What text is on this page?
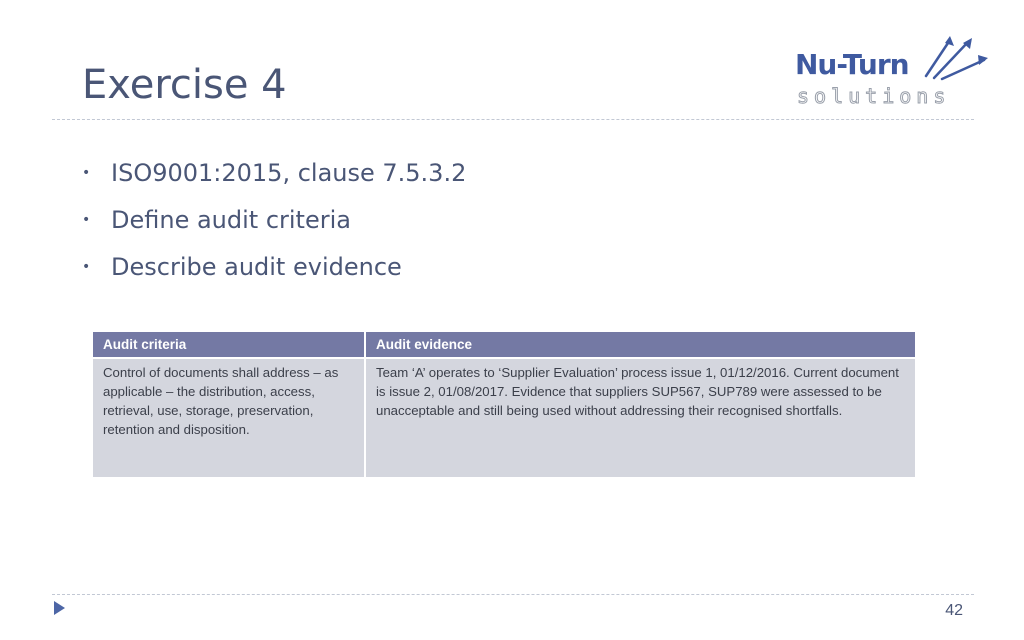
Exercise 4	Nu-Turn
solutions
• ISO9001:2015, clause 7.5.3.2
• Define audit criteria
• Describe audit evidence
Audit criteria	Audit evidence
Control of documents shall address – as applicable – the distribution, access, retrieval, use, storage, preservation, retention and disposition.	Team ‘A’ operates to ‘Supplier Evaluation’ process issue 1, 01/12/2016. Current document is issue 2, 01/08/2017. Evidence that suppliers SUP567, SUP789 were assessed to be unacceptable and still being used without addressing their recognised shortfalls.
42
